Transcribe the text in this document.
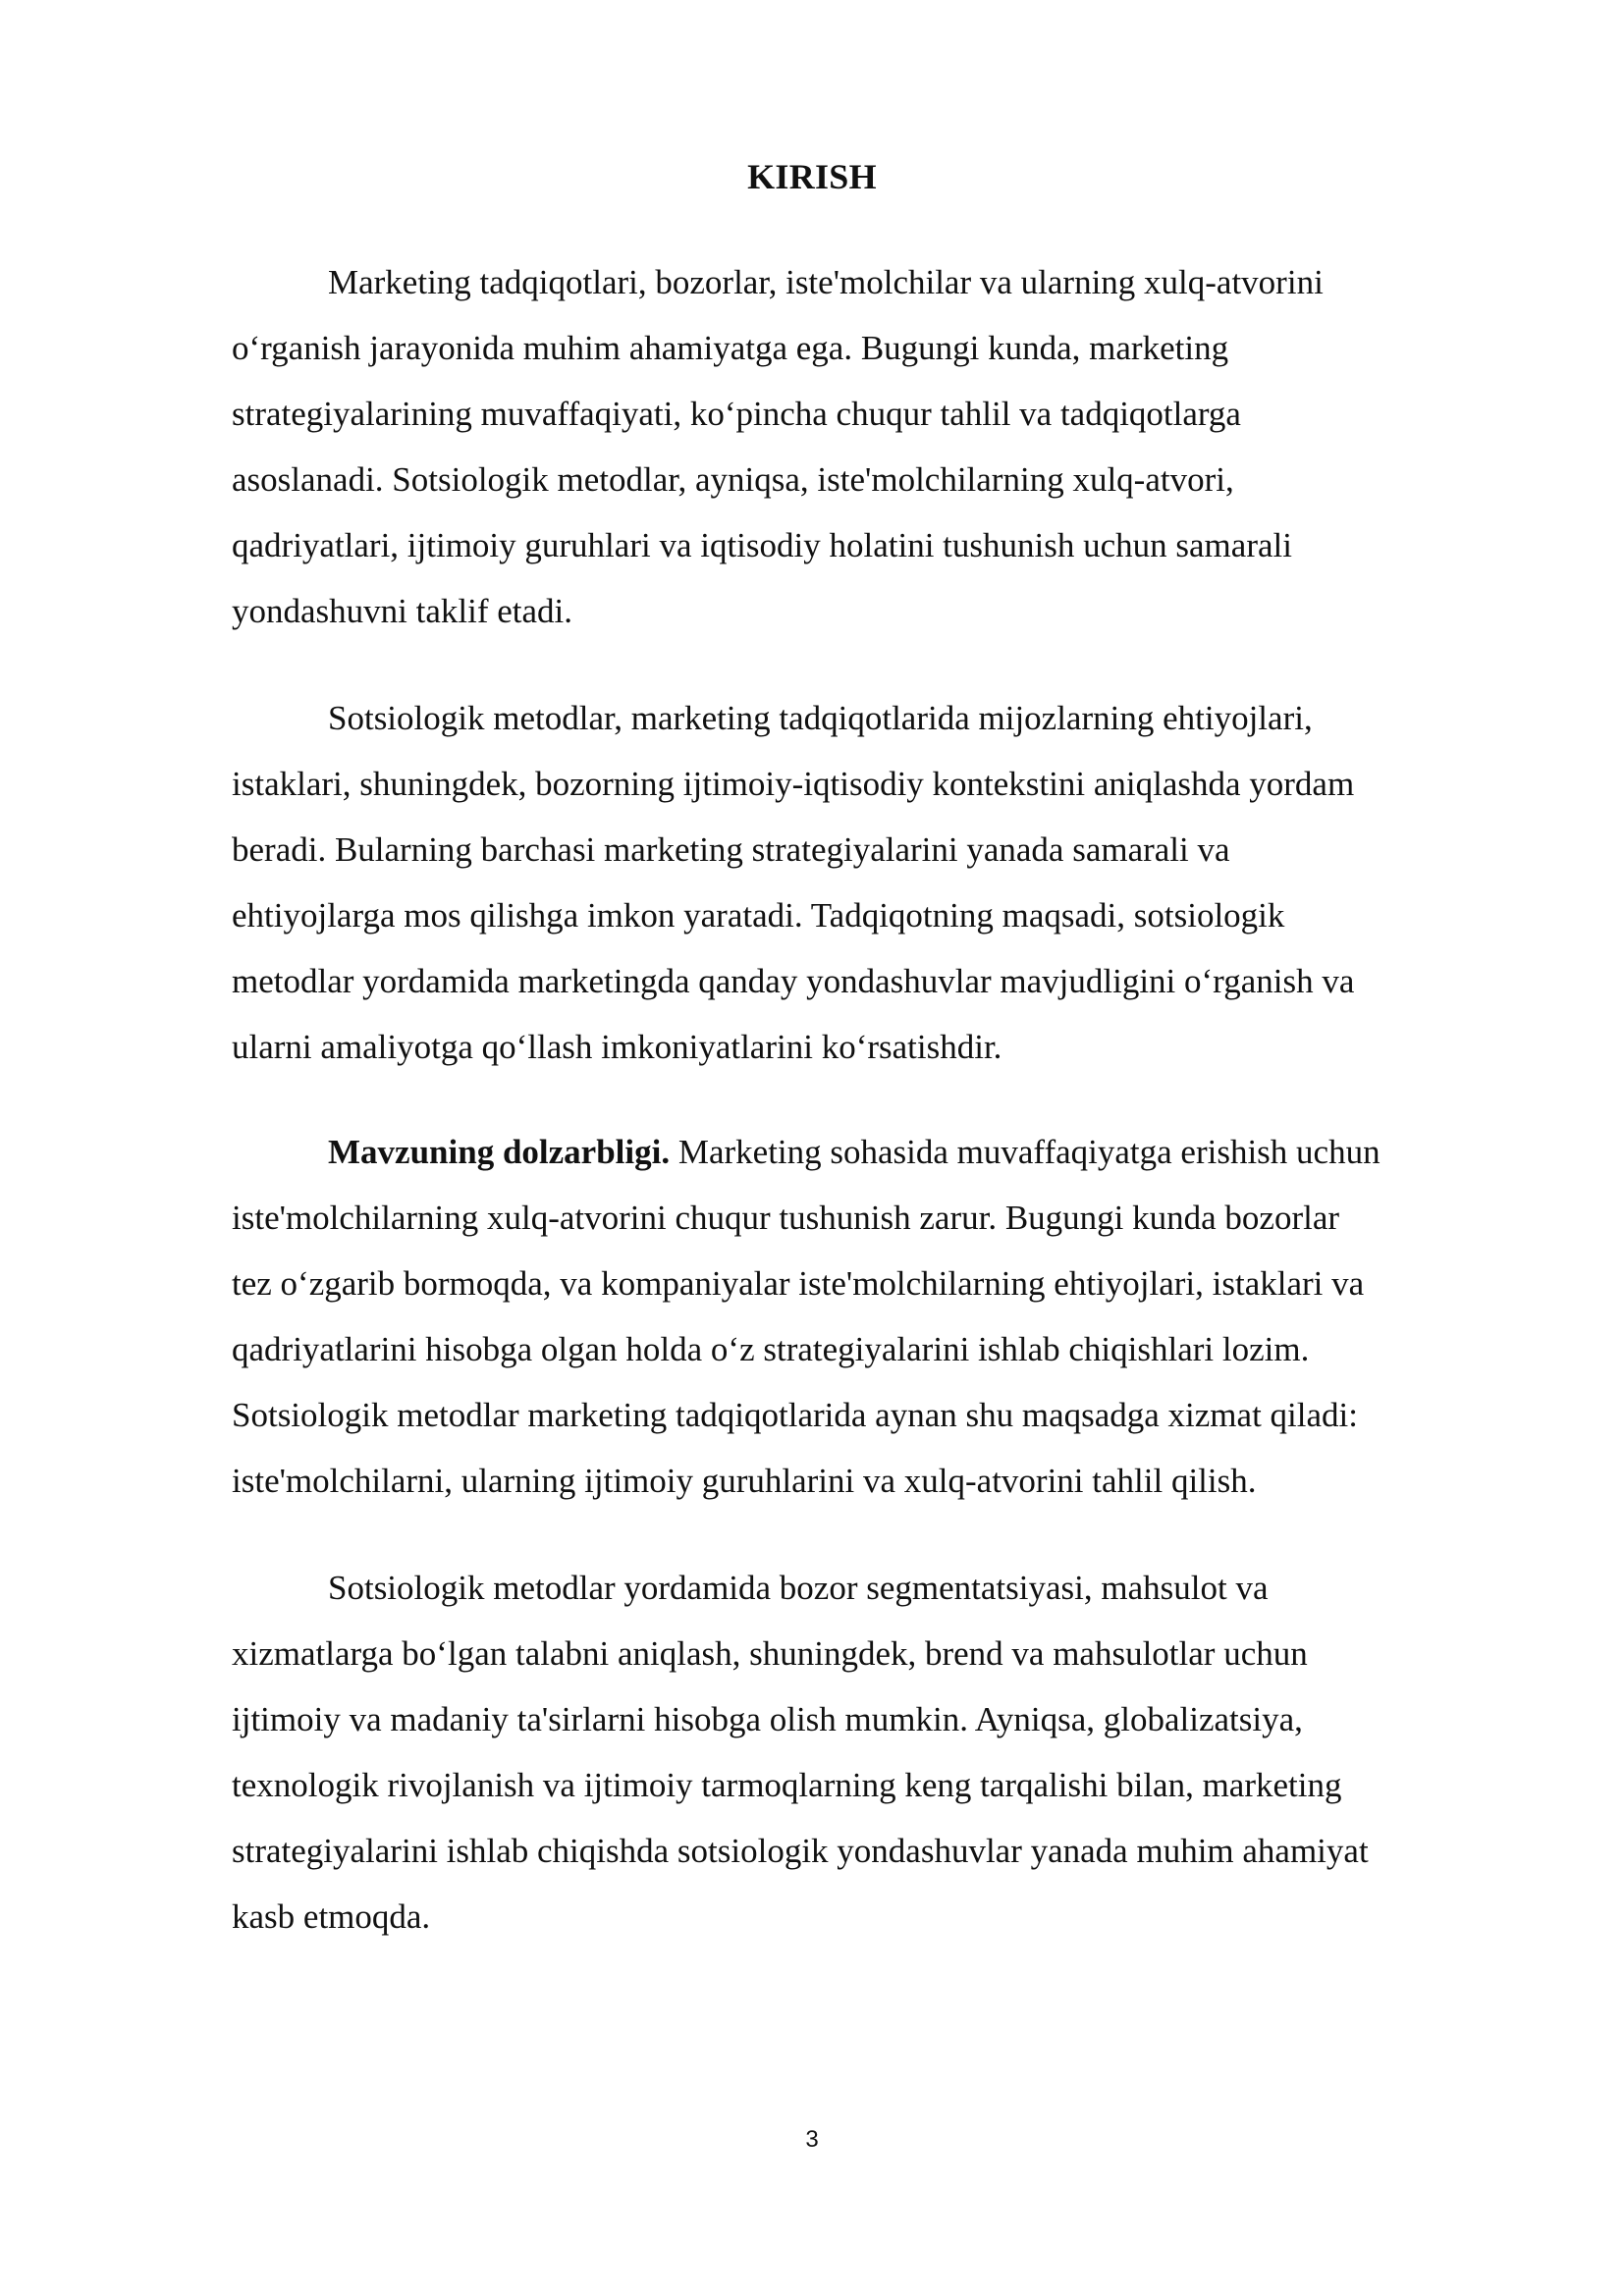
KIRISH

Marketing tadqiqotlari, bozorlar, iste'molchilar va ularning xulq-atvorini
o‘rganish jarayonida muhim ahamiyatga ega. Bugungi kunda, marketing
strategiyalarining muvaffaqiyati, ko‘pincha chuqur tahlil va tadqiqotlarga
asoslanadi. Sotsiologik metodlar, ayniqsa, iste'molchilarning xulq-atvori,
qadriyatlari, ijtimoiy guruhlari va iqtisodiy holatini tushunish uchun samarali
yondashuvni taklif etadi.

Sotsiologik metodlar, marketing tadqiqotlarida mijozlarning ehtiyojlari,
istaklari, shuningdek, bozorning ijtimoiy-iqtisodiy kontekstini aniqlashda yordam
beradi. Bularning barchasi marketing strategiyalarini yanada samarali va
ehtiyojlarga mos qilishga imkon yaratadi. Tadqiqotning maqsadi, sotsiologik
metodlar yordamida marketingda qanday yondashuvlar mavjudligini o‘rganish va
ularni amaliyotga qo‘llash imkoniyatlarini ko‘rsatishdir.

Mavzuning dolzarbligi. Marketing sohasida muvaffaqiyatga erishish uchun
iste'molchilarning xulq-atvorini chuqur tushunish zarur. Bugungi kunda bozorlar
tez o‘zgarib bormoqda, va kompaniyalar iste'molchilarning ehtiyojlari, istaklari va
qadriyatlarini hisobga olgan holda o‘z strategiyalarini ishlab chiqishlari lozim.
Sotsiologik metodlar marketing tadqiqotlarida aynan shu maqsadga xizmat qiladi:
iste'molchilarni, ularning ijtimoiy guruhlarini va xulq-atvorini tahlil qilish.

Sotsiologik metodlar yordamida bozor segmentatsiyasi, mahsulot va
xizmatlarga bo‘lgan talabni aniqlash, shuningdek, brend va mahsulotlar uchun
ijtimoiy va madaniy ta'sirlarni hisobga olish mumkin. Ayniqsa, globalizatsiya,
texnologik rivojlanish va ijtimoiy tarmoqlarning keng tarqalishi bilan, marketing
strategiyalarini ishlab chiqishda sotsiologik yondashuvlar yanada muhim ahamiyat
kasb etmoqda.

3
